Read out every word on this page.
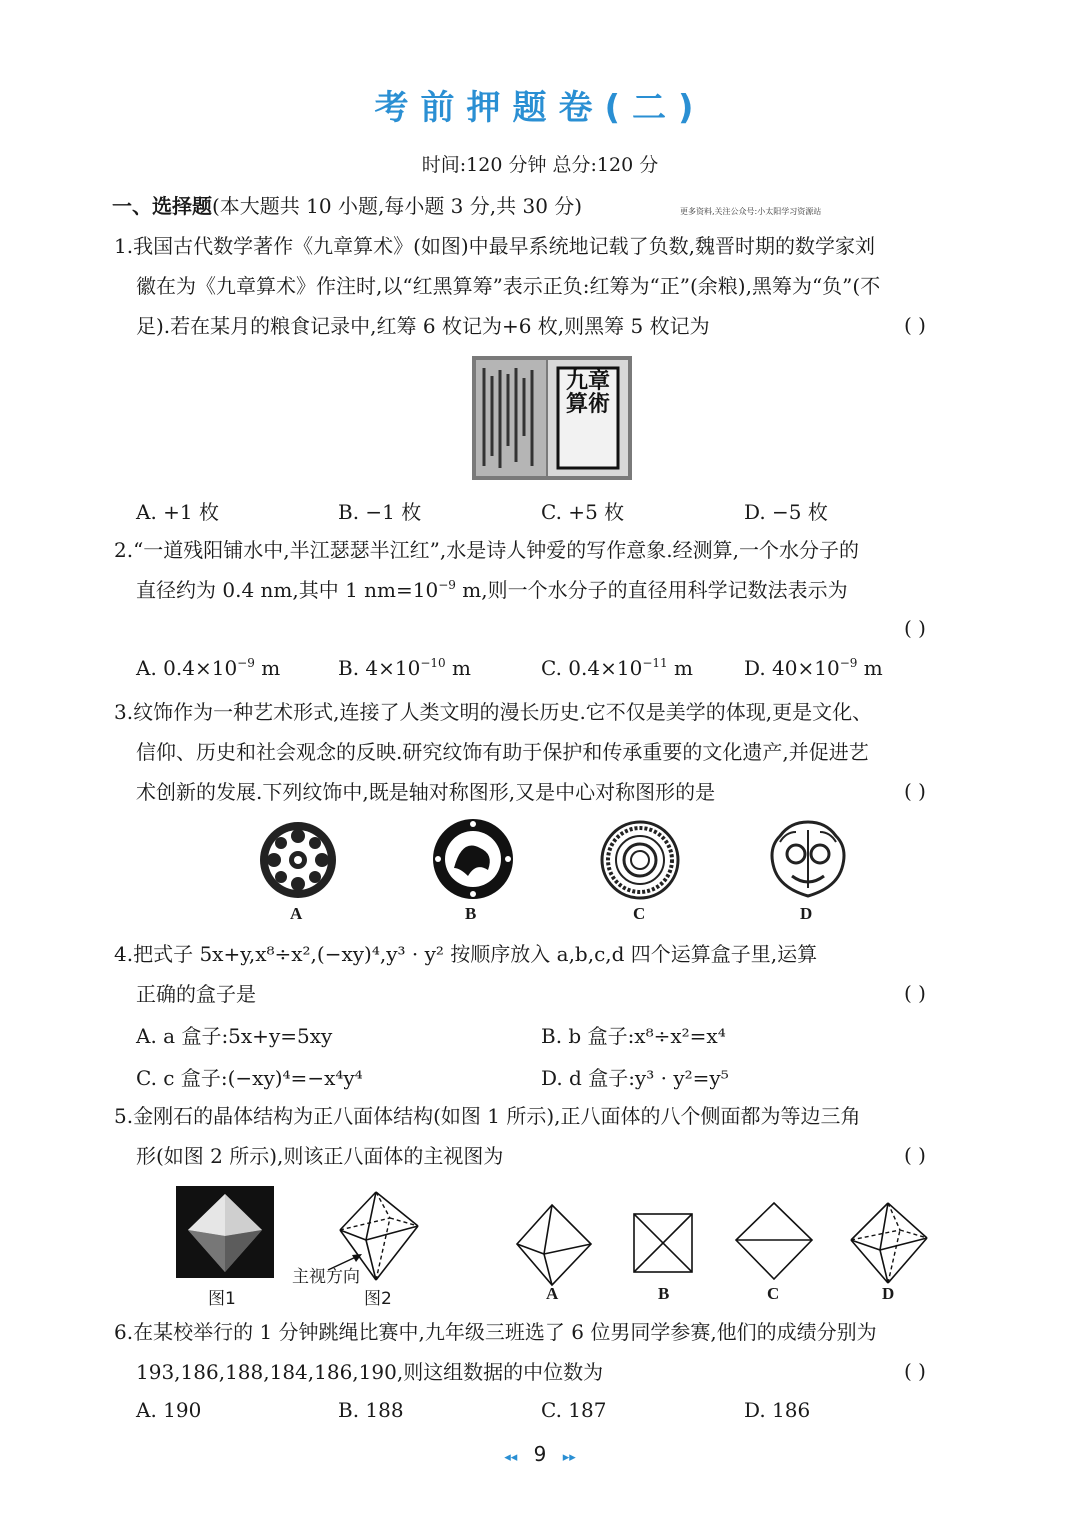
考前押题卷(二)
时间:120 分钟 总分:120 分
一、选择题(本大题共 10 小题,每小题 3 分,共 30 分)	更多资料,关注公众号:小太阳学习资源站
1.我国古代数学著作《九章算术》(如图)中最早系统地记载了负数,魏晋时期的数学家刘
徽在为《九章算术》作注时,以“红黑算筹”表示正负:红筹为“正”(余粮),黑筹为“负”(不
足).若在某月的粮食记录中,红筹 6 枚记为+6 枚,则黑筹 5 枚记为	( )
九章算術
A. +1 枚	B. −1 枚	C. +5 枚	D. −5 枚
2.“一道残阳铺水中,半江瑟瑟半江红”,水是诗人钟爱的写作意象.经测算,一个水分子的
直径约为 0.4 nm,其中 1 $nm=10^{-9}$ m,则一个水分子的直径用科学记数法表示为
( )
A. $0.4\times 10^{-9}$ m	B. $4\times 10^{-10}$ m	C. $0.4\times 10^{-11}$ m	D. $40\times 10^{-9}$ m
3.纹饰作为一种艺术形式,连接了人类文明的漫长历史.它不仅是美学的体现,更是文化、
信仰、历史和社会观念的反映.研究纹饰有助于保护和传承重要的文化遗产,并促进艺
术创新的发展.下列纹饰中,既是轴对称图形,又是中心对称图形的是	( )
A	B	C	D
4.把式子 5x+y,x⁸÷x²,(−xy)⁴,y³ · y² 按顺序放入 a,b,c,d 四个运算盒子里,运算
正确的盒子是	( )
A. a 盒子:5x+y=5xy	B. b 盒子:x⁸÷x²=x⁴
C. c 盒子:(−xy)⁴=−x⁴y⁴	D. d 盒子:y³ · y²=y⁵
5.金刚石的晶体结构为正八面体结构(如图 1 所示),正八面体的八个侧面都为等边三角
形(如图 2 所示),则该正八面体的主视图为	( )
图1
主视方向
图2	A	B	C	D
6.在某校举行的 1 分钟跳绳比赛中,九年级三班选了 6 位男同学参赛,他们的成绩分别为
193,186,188,184,186,190,则这组数据的中位数为	( )
A. 190	B. 188	C. 187	D. 186
◂◂ 9 ▸▸
